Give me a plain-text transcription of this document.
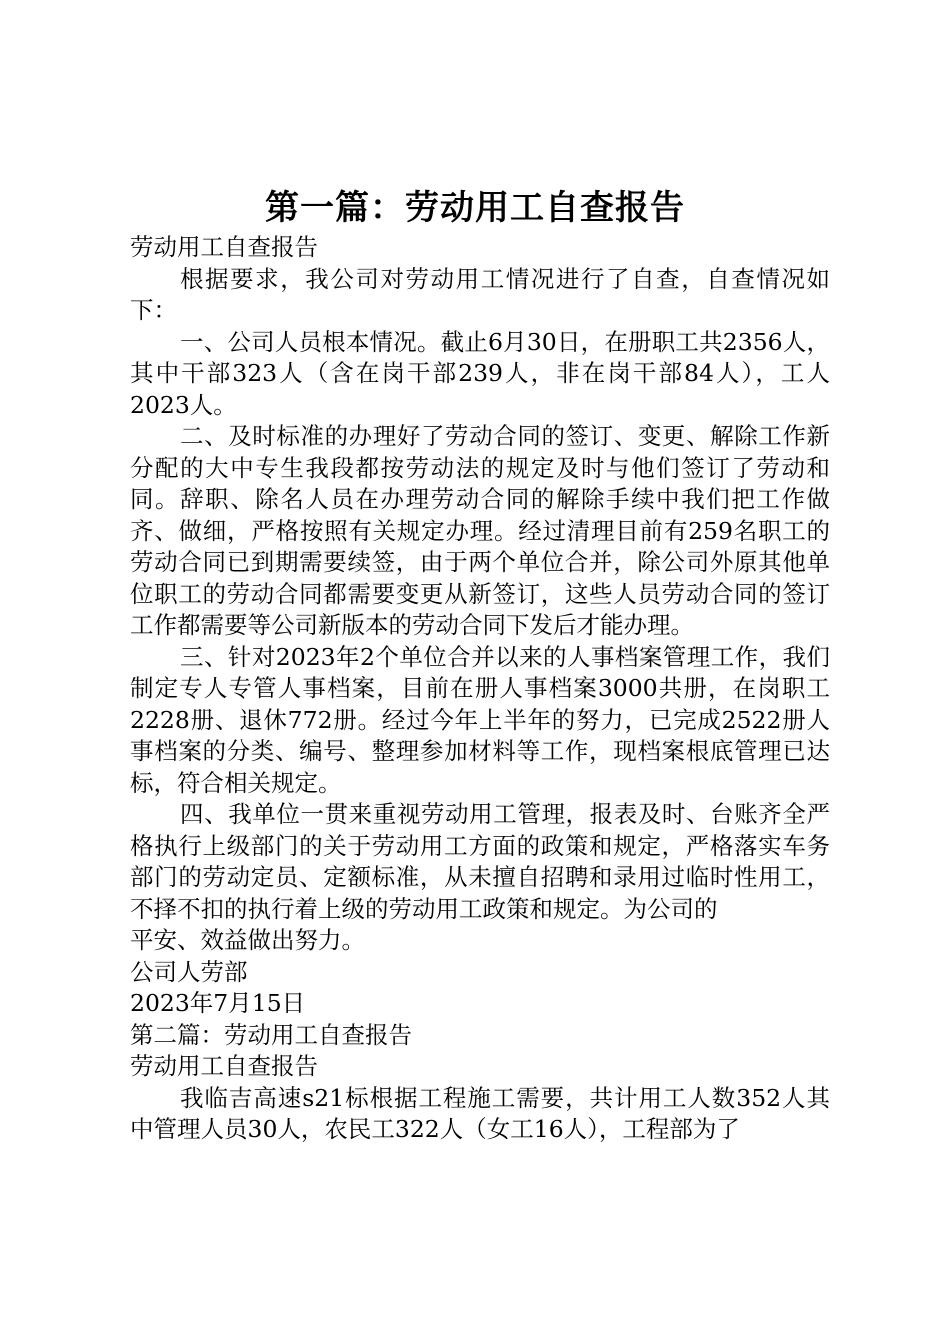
第一篇：劳动用工自查报告

劳动用工自查报告

根据要求，我公司对劳动用工情况进行了自查，自查情况如下：

一、公司人员根本情况。截止6月30日，在册职工共2356人，其中干部323人（含在岗干部239人，非在岗干部84人），工人2023人。

二、及时标准的办理好了劳动合同的签订、变更、解除工作新分配的大中专生我段都按劳动法的规定及时与他们签订了劳动和同。辞职、除名人员在办理劳动合同的解除手续中我们把工作做齐、做细，严格按照有关规定办理。经过清理目前有259名职工的劳动合同已到期需要续签，由于两个单位合并，除公司外原其他单位职工的劳动合同都需要变更从新签订，这些人员劳动合同的签订工作都需要等公司新版本的劳动合同下发后才能办理。

三、针对2023年2个单位合并以来的人事档案管理工作，我们制定专人专管人事档案，目前在册人事档案3000共册，在岗职工2228册、退休772册。经过今年上半年的努力，已完成2522册人事档案的分类、编号、整理参加材料等工作，现档案根底管理已达标，符合相关规定。

四、我单位一贯来重视劳动用工管理，报表及时、台账齐全严格执行上级部门的关于劳动用工方面的政策和规定，严格落实车务部门的劳动定员、定额标准，从未擅自招聘和录用过临时性用工，不择不扣的执行着上级的劳动用工政策和规定。为公司的

平安、效益做出努力。

公司人劳部

2023年7月15日

第二篇：劳动用工自查报告

劳动用工自查报告

我临吉高速s21标根据工程施工需要，共计用工人数352人其中管理人员30人，农民工322人（女工16人），工程部为了
